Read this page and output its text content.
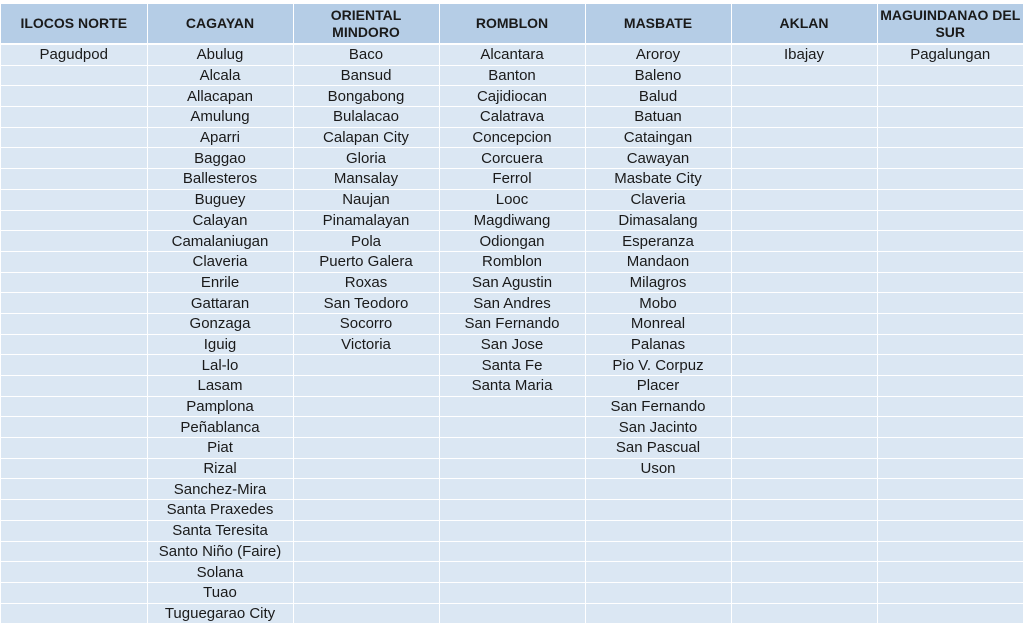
ILOCOS NORTE	CAGAYAN	ORIENTAL MINDORO	ROMBLON	MASBATE	AKLAN	MAGUINDANAO DEL SUR
Pagudpod	Abulug	Baco	Alcantara	Aroroy	Ibajay	Pagalungan
	Alcala	Bansud	Banton	Baleno		
	Allacapan	Bongabong	Cajidiocan	Balud		
	Amulung	Bulalacao	Calatrava	Batuan		
	Aparri	Calapan City	Concepcion	Cataingan		
	Baggao	Gloria	Corcuera	Cawayan		
	Ballesteros	Mansalay	Ferrol	Masbate City		
	Buguey	Naujan	Looc	Claveria		
	Calayan	Pinamalayan	Magdiwang	Dimasalang		
	Camalaniugan	Pola	Odiongan	Esperanza		
	Claveria	Puerto Galera	Romblon	Mandaon		
	Enrile	Roxas	San Agustin	Milagros		
	Gattaran	San Teodoro	San Andres	Mobo		
	Gonzaga	Socorro	San Fernando	Monreal		
	Iguig	Victoria	San Jose	Palanas		
	Lal-lo		Santa Fe	Pio V. Corpuz		
	Lasam		Santa Maria	Placer		
	Pamplona			San Fernando		
	Peñablanca			San Jacinto		
	Piat			San Pascual		
	Rizal			Uson		
	Sanchez-Mira					
	Santa Praxedes					
	Santa Teresita					
	Santo Niño (Faire)					
	Solana					
	Tuao					
	Tuguegarao City					
